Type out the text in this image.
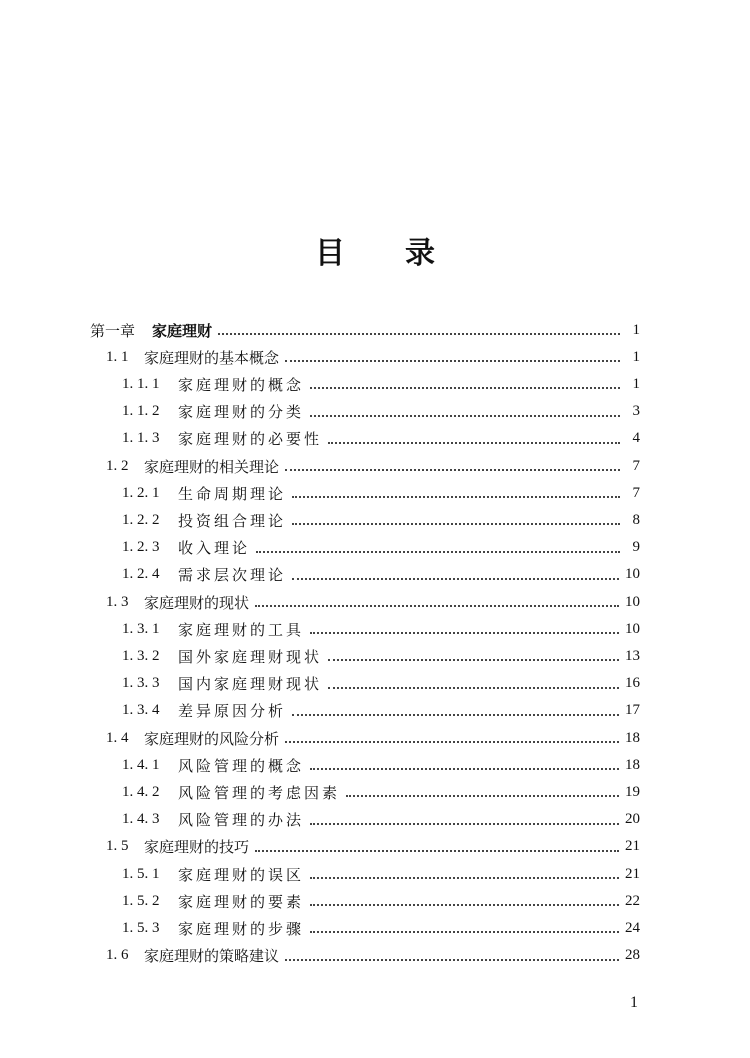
目 录
第一章	家庭理财	1
1. 1	家庭理财的基本概念	1
1. 1. 1	家庭理财的概念	1
1. 1. 2	家庭理财的分类	3
1. 1. 3	家庭理财的必要性	4
1. 2	家庭理财的相关理论	7
1. 2. 1	生命周期理论	7
1. 2. 2	投资组合理论	8
1. 2. 3	收入理论	9
1. 2. 4	需求层次理论	10
1. 3	家庭理财的现状	10
1. 3. 1	家庭理财的工具	10
1. 3. 2	国外家庭理财现状	13
1. 3. 3	国内家庭理财现状	16
1. 3. 4	差异原因分析	17
1. 4	家庭理财的风险分析	18
1. 4. 1	风险管理的概念	18
1. 4. 2	风险管理的考虑因素	19
1. 4. 3	风险管理的办法	20
1. 5	家庭理财的技巧	21
1. 5. 1	家庭理财的误区	21
1. 5. 2	家庭理财的要素	22
1. 5. 3	家庭理财的步骤	24
1. 6	家庭理财的策略建议	28
1
